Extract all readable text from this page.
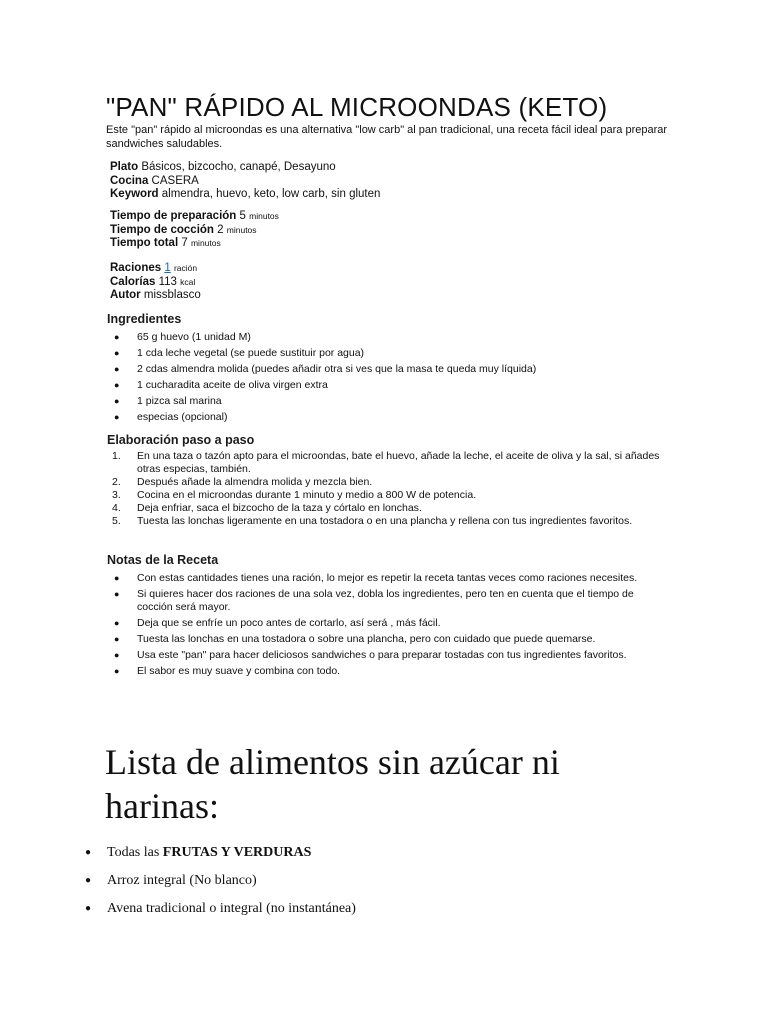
"PAN" RÁPIDO AL MICROONDAS (KETO)

Este "pan" rápido al microondas es una alternativa "low carb" al pan tradicional, una receta fácil ideal para preparar sandwiches saludables.

Plato Básicos, bizcocho, canapé, Desayuno
Cocina CASERA
Keyword almendra, huevo, keto, low carb, sin gluten
Tiempo de preparación 5 minutos
Tiempo de cocción 2 minutos
Tiempo total 7 minutos
Raciones 1 ración
Calorías 113 kcal
Autor missblasco
Ingredientes
● 65 g huevo (1 unidad M)
● 1 cda leche vegetal (se puede sustituir por agua)
● 2 cdas almendra molida (puedes añadir otra si ves que la masa te queda muy líquida)
● 1 cucharadita aceite de oliva virgen extra
● 1 pizca sal marina
● especias (opcional)
Elaboración paso a paso
1. En una taza o tazón apto para el microondas, bate el huevo, añade la leche, el aceite de oliva y la sal, si añades otras especias, también.
2. Después añade la almendra molida y mezcla bien.
3. Cocina en el microondas durante 1 minuto y medio a 800 W de potencia.
4. Deja enfriar, saca el bizcocho de la taza y córtalo en lonchas.
5. Tuesta las lonchas ligeramente en una tostadora o en una plancha y rellena con tus ingredientes favoritos.
Notas de la Receta
● Con estas cantidades tienes una ración, lo mejor es repetir la receta tantas veces como raciones necesites.
● Si quieres hacer dos raciones de una sola vez, dobla los ingredientes, pero ten en cuenta que el tiempo de cocción será mayor.
● Deja que se enfríe un poco antes de cortarlo, así será , más fácil.
● Tuesta las lonchas en una tostadora o sobre una plancha, pero con cuidado que puede quemarse.
● Usa este "pan" para hacer deliciosos sandwiches o para preparar tostadas con tus ingredientes favoritos.
● El sabor es muy suave y combina con todo.
Lista de alimentos sin azúcar ni harinas:
● Todas las FRUTAS Y VERDURAS
● Arroz integral (No blanco)
● Avena tradicional o integral (no instantánea)
